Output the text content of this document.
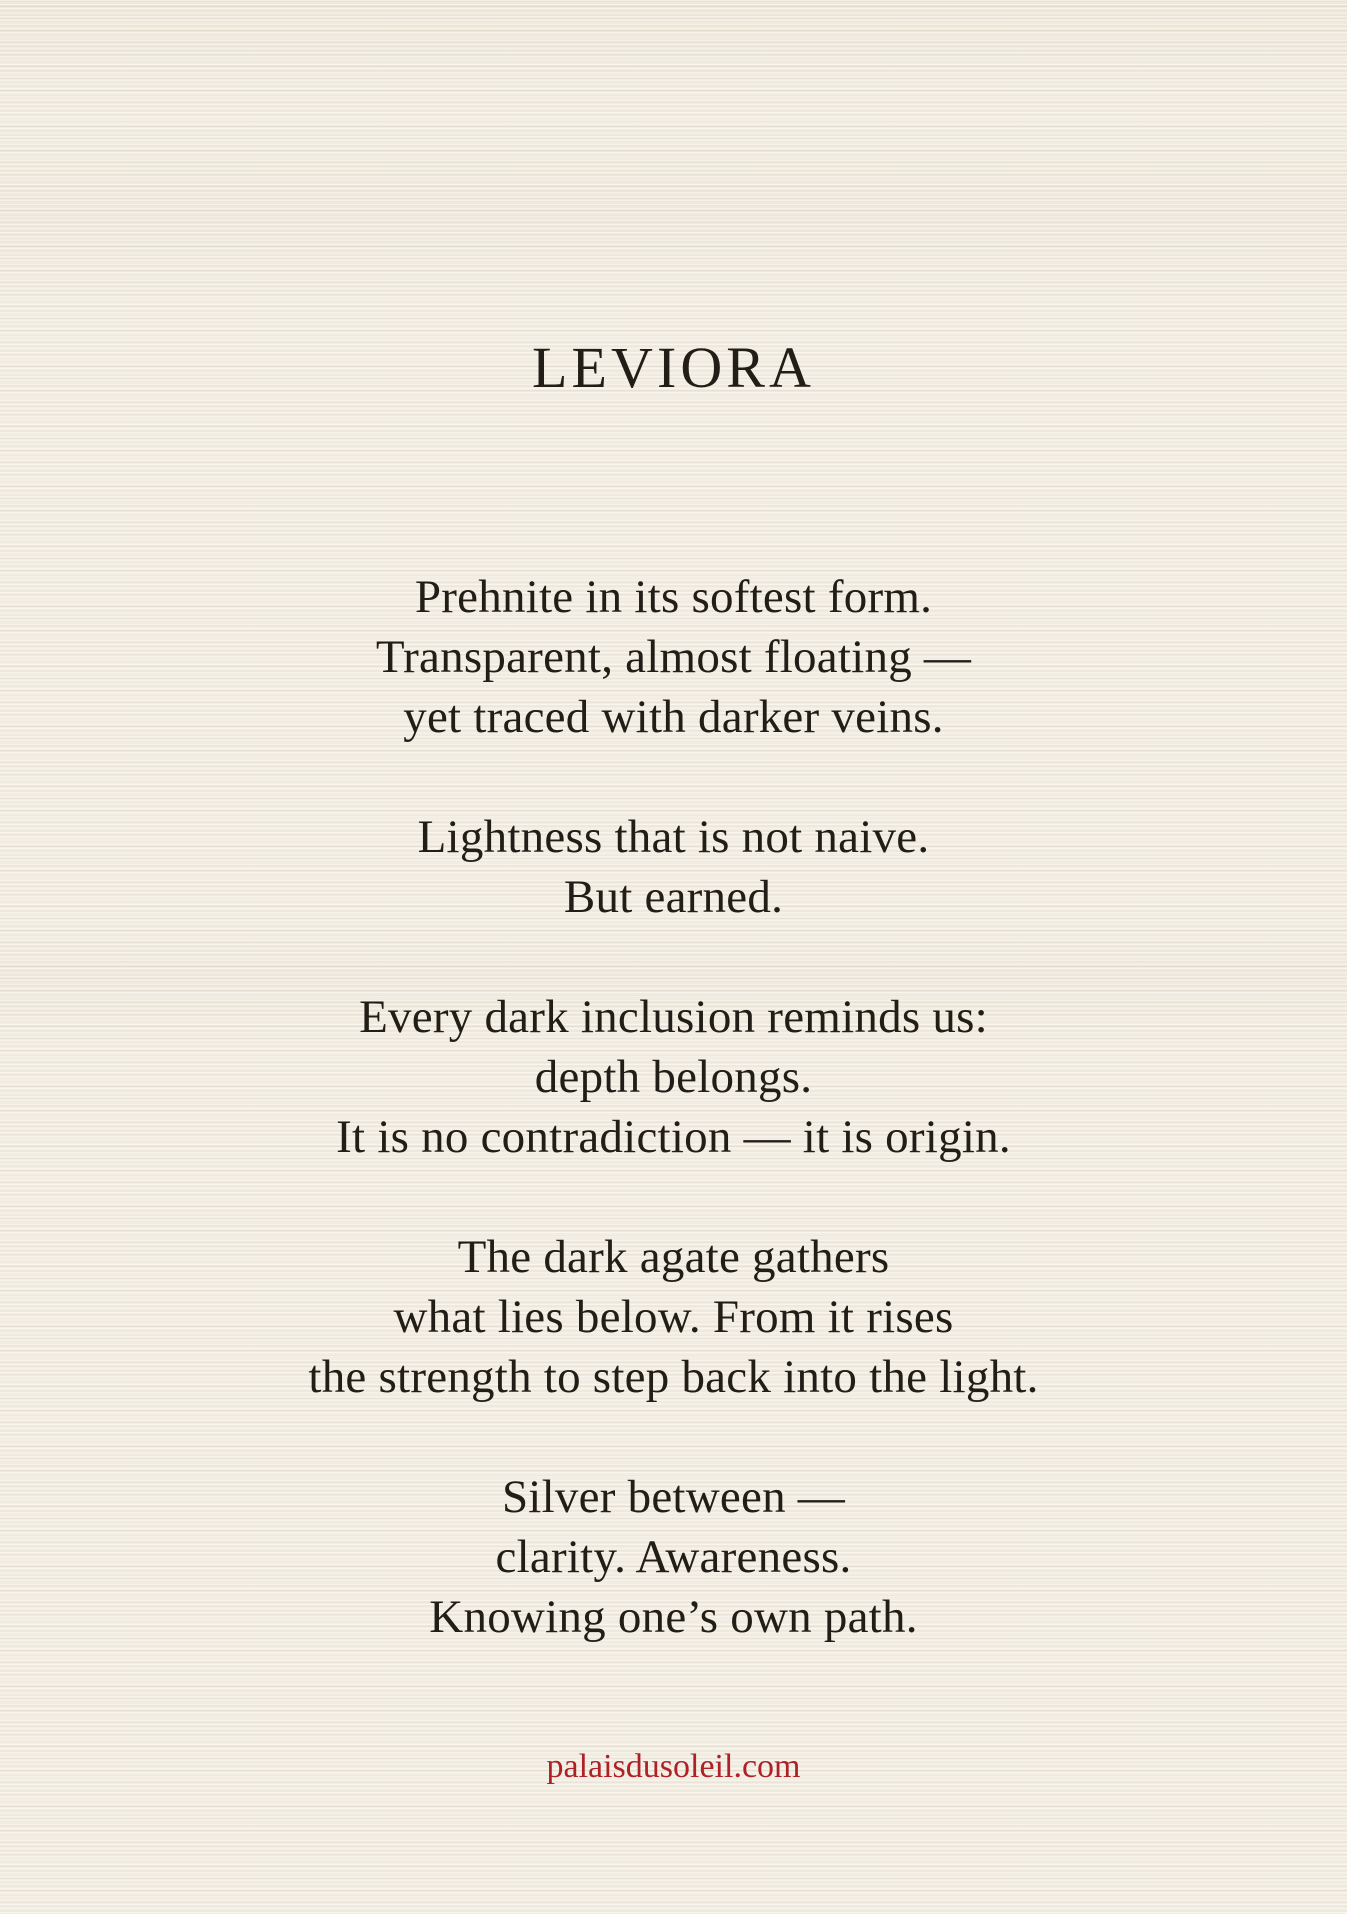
LEVIORA

Prehnite in its softest form.

Transparent, almost floating —

yet traced with darker veins.

Lightness that is not naive.

But earned.

Every dark inclusion reminds us:

depth belongs.

It is no contradiction — it is origin.

The dark agate gathers

what lies below. From it rises

the strength to step back into the light.

Silver between —

clarity. Awareness.

Knowing one’s own path.

palaisdusoleil.com
